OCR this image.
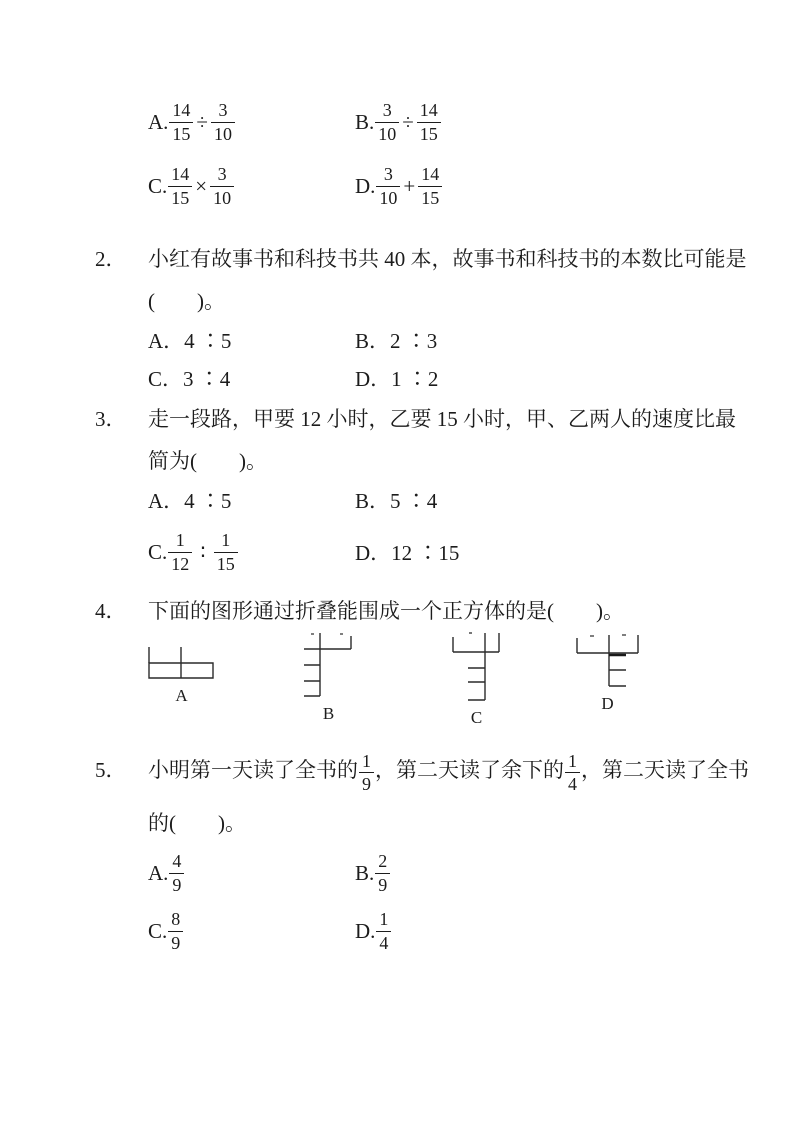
A. $\frac{14}{15} \div \frac{3}{10}$	B. $\frac{3}{10} \div \frac{14}{15}$
C. $\frac{14}{15} \times \frac{3}{10}$	D. $\frac{3}{10} + \frac{14}{15}$
2．	小红有故事书和科技书共 40 本，故事书和科技书的本数比可能是
(　　)。
A．4 ∶5	B．2 ∶3
C．3 ∶4	D．1 ∶2
3．	走一段路，甲要 12 小时，乙要 15 小时，甲、乙两人的速度比最
简为(　　)。
A．4 ∶5	B．5 ∶4
C. $\frac{1}{12}$ ∶ $\frac{1}{15}$	D．12 ∶15
4．	下面的图形通过折叠能围成一个正方体的是(　　)。
A
B	C
D
5．	小明第一天读了全书的 $\frac{1}{9}$ ，第二天读了余下的 $\frac{1}{4}$ ，第二天读了全书
的(　　)。
A. $\frac{4}{9}$	B. $\frac{2}{9}$
C. $\frac{8}{9}$	D. $\frac{1}{4}$
